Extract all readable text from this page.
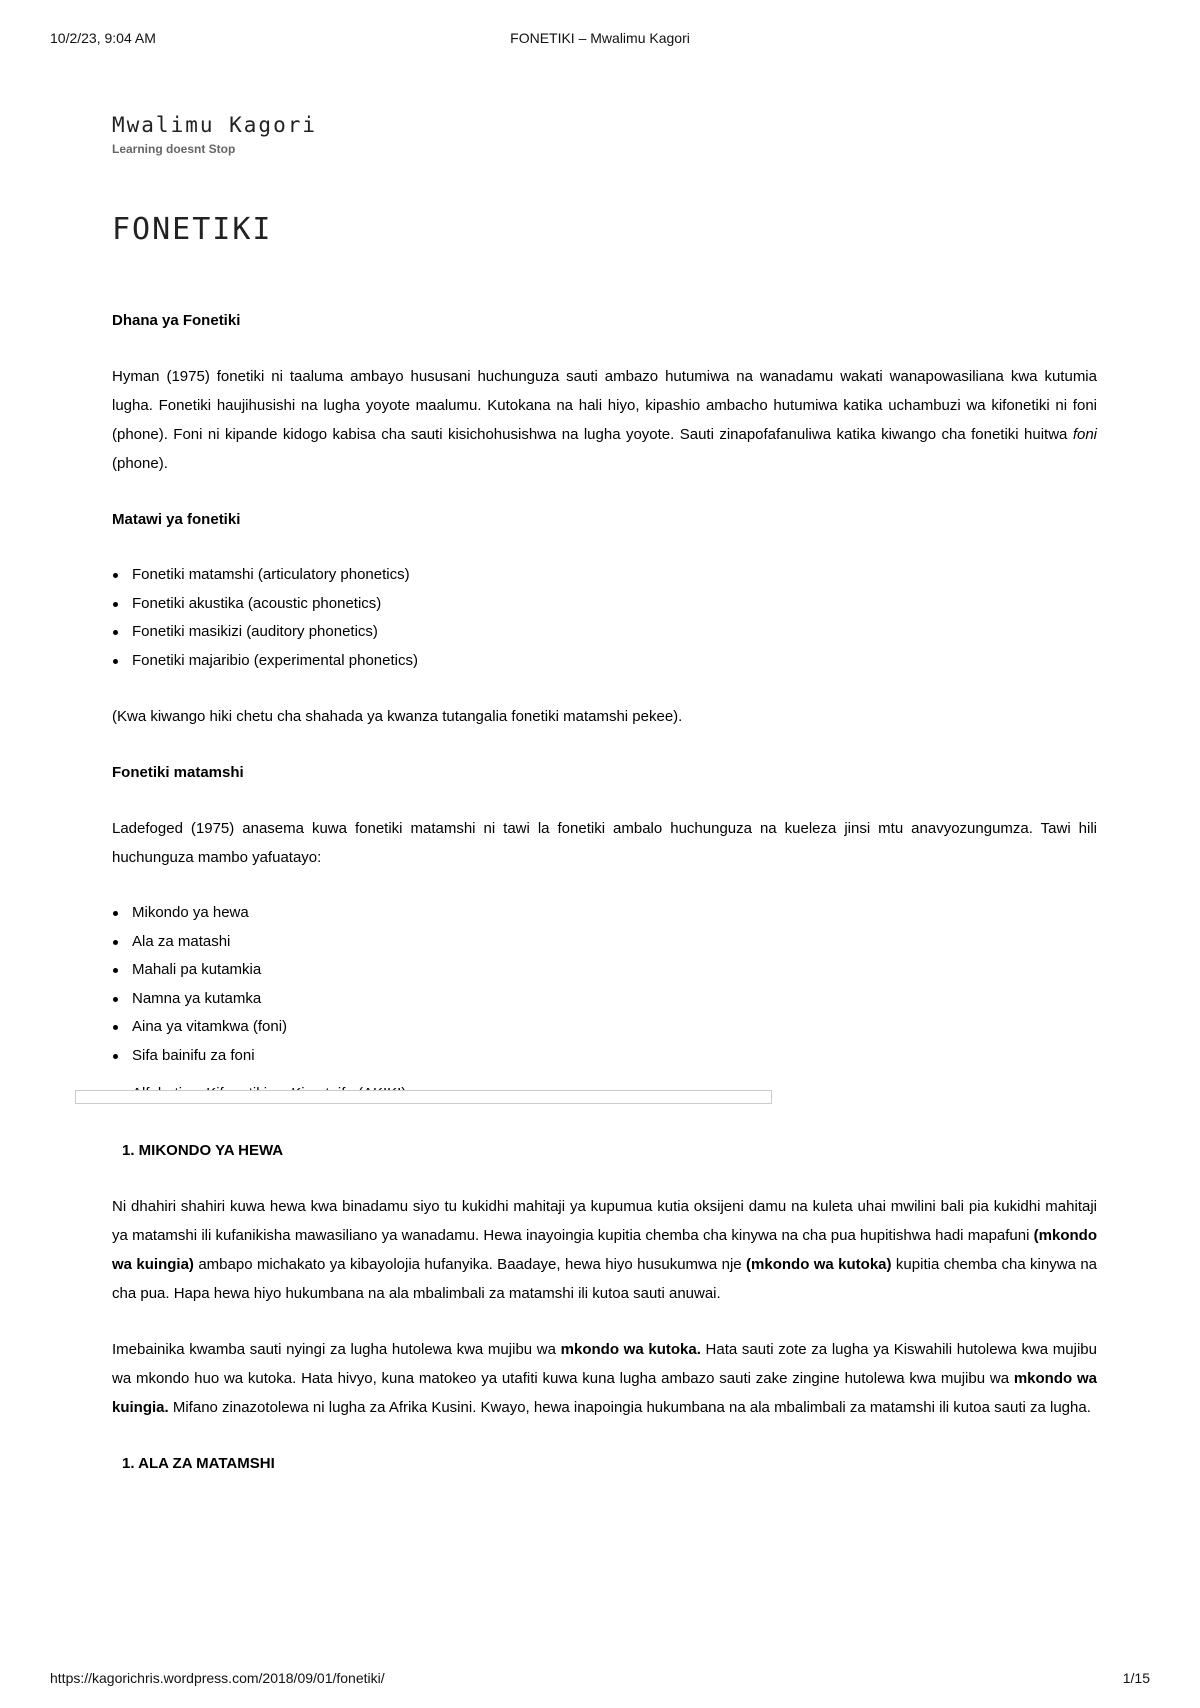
10/2/23, 9:04 AM	FONETIKI – Mwalimu Kagori

Mwalimu Kagori

Learning doesnt Stop

FONETIKI
Dhana ya Fonetiki

Hyman (1975) fonetiki ni taaluma ambayo hususani huchunguza sauti ambazo hutumiwa na wanadamu wakati wanapowasiliana kwa kutumia lugha. Fonetiki haujihusishi na lugha yoyote maalumu. Kutokana na hali hiyo, kipashio ambacho hutumiwa katika uchambuzi wa kifonetiki ni foni (phone). Foni ni kipande kidogo kabisa cha sauti kisichohusishwa na lugha yoyote. Sauti zinapofafanuliwa katika kiwango cha fonetiki huitwa foni (phone).

Matawi ya fonetiki
Fonetiki matamshi (articulatory phonetics)
Fonetiki akustika (acoustic phonetics)
Fonetiki masikizi (auditory phonetics)
Fonetiki majaribio (experimental phonetics)

(Kwa kiwango hiki chetu cha shahada ya kwanza tutangalia fonetiki matamshi pekee).

Fonetiki matamshi

Ladefoged (1975) anasema kuwa fonetiki matamshi ni tawi la fonetiki ambalo huchunguza na kueleza jinsi mtu anavyozungumza. Tawi hili huchunguza mambo yafuatayo:

Mikondo ya hewa
Ala za matashi
Mahali pa kutamkia
Namna ya kutamka
Aina ya vitamkwa (foni)
Sifa bainifu za foni
1. MIKONDO YA HEWA

Ni dhahiri shahiri kuwa hewa kwa binadamu siyo tu kukidhi mahitaji ya kupumua kutia oksijeni damu na kuleta uhai mwilini bali pia kukidhi mahitaji ya matamshi ili kufanikisha mawasiliano ya wanadamu. Hewa inayoingia kupitia chemba cha kinywa na cha pua hupitishwa hadi mapafuni (mkondo wa kuingia) ambapo michakato ya kibayolojia hufanyika. Baadaye, hewa hiyo husukumwa nje (mkondo wa kutoka) kupitia chemba cha kinywa na cha pua. Hapa hewa hiyo hukumbana na ala mbalimbali za matamshi ili kutoa sauti anuwai.

Imebainika kwamba sauti nyingi za lugha hutolewa kwa mujibu wa mkondo wa kutoka. Hata sauti zote za lugha ya Kiswahili hutolewa kwa mujibu wa mkondo huo wa kutoka. Hata hivyo, kuna matokeo ya utafiti kuwa kuna lugha ambazo sauti zake zingine hutolewa kwa mujibu wa mkondo wa kuingia. Mifano zinazotolewa ni lugha za Afrika Kusini. Kwayo, hewa inapoingia hukumbana na ala mbalimbali za matamshi ili kutoa sauti za lugha.

1. ALA ZA MATAMSHI
https://kagorichris.wordpress.com/2018/09/01/fonetiki/	1/15
